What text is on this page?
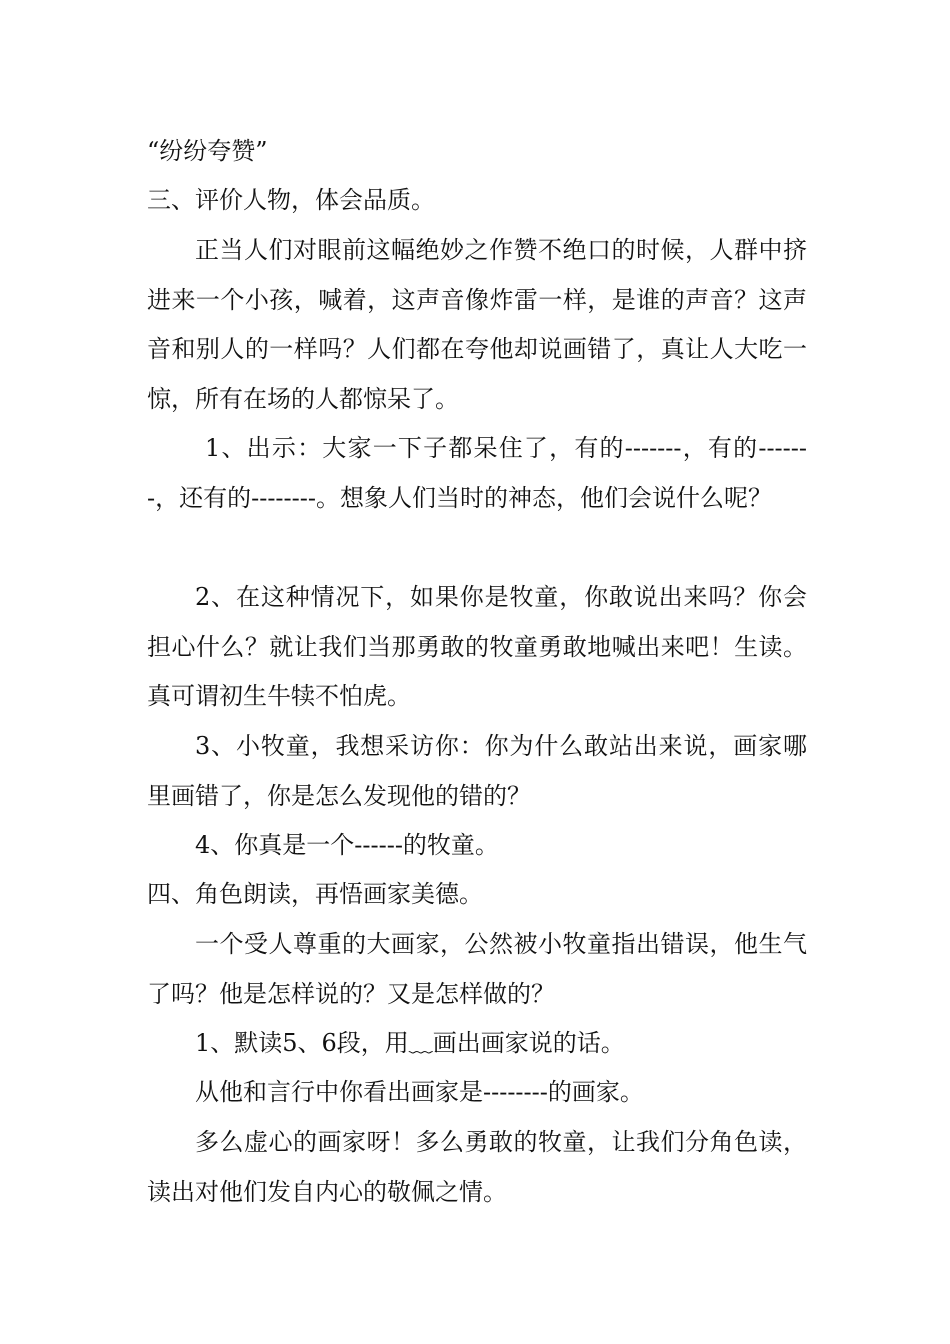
“纷纷夸赞”

三、评价人物，体会品质。

正当人们对眼前这幅绝妙之作赞不绝口的时候，人群中挤进来一个小孩，喊着，这声音像炸雷一样，是谁的声音？这声音和别人的一样吗？人们都在夸他却说画错了，真让人大吃一惊，所有在场的人都惊呆了。

1、出示：大家一下子都呆住了，有的-------，有的-------，还有的--------。想象人们当时的神态，他们会说什么呢？

2、在这种情况下，如果你是牧童，你敢说出来吗？你会担心什么？就让我们当那勇敢的牧童勇敢地喊出来吧！生读。真可谓初生牛犊不怕虎。

3、小牧童，我想采访你：你为什么敢站出来说，画家哪里画错了，你是怎么发现他的错的？

4、你真是一个------的牧童。

四、角色朗读，再悟画家美德。

一个受人尊重的大画家，公然被小牧童指出错误，他生气了吗？他是怎样说的？又是怎样做的？

1、默读5、6段，用﹏画出画家说的话。

从他和言行中你看出画家是--------的画家。

多么虚心的画家呀！多么勇敢的牧童，让我们分角色读，读出对他们发自内心的敬佩之情。
